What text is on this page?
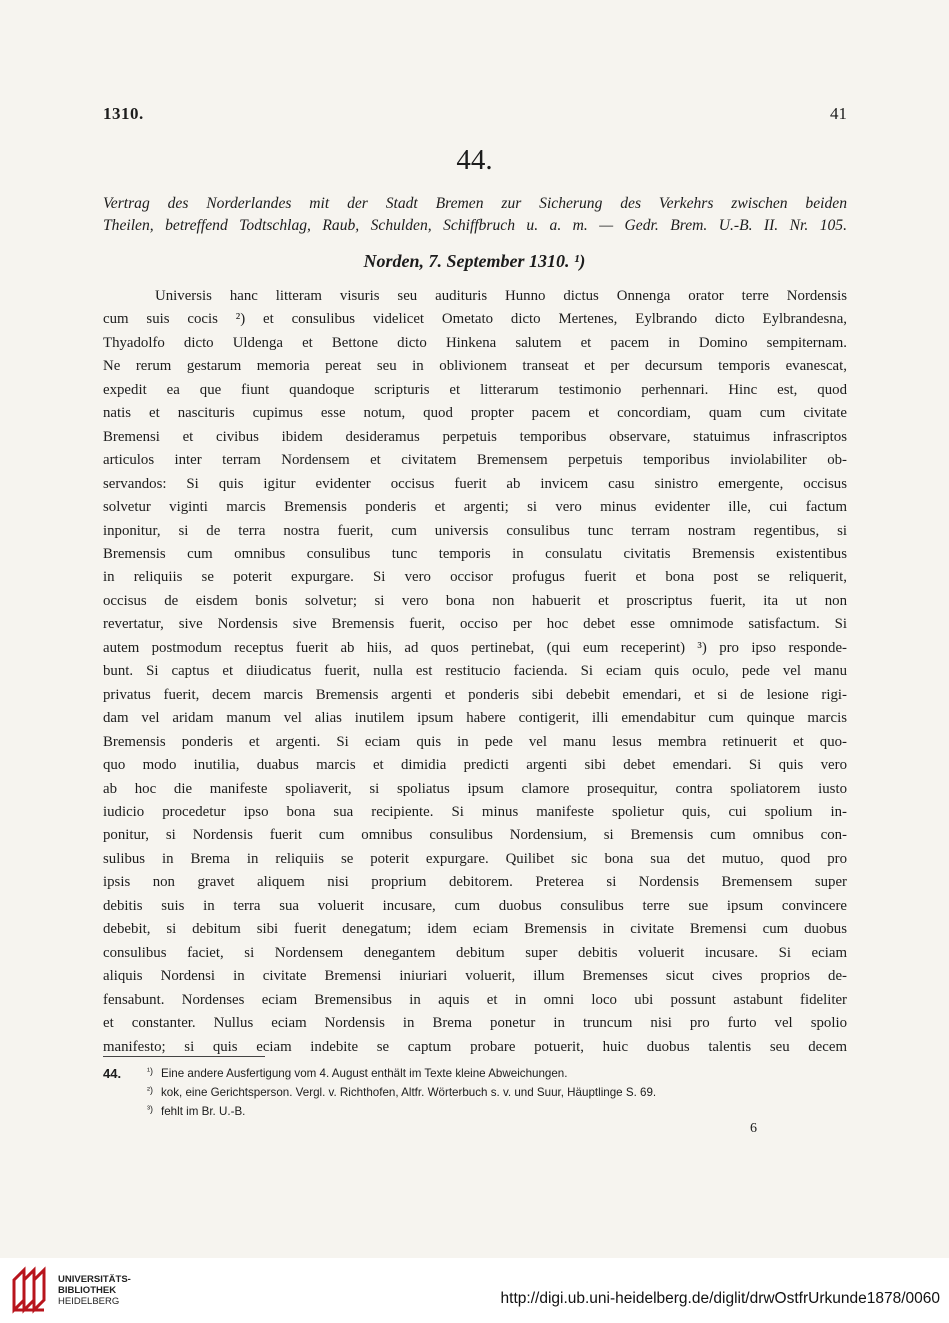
1310.	41
44.
Vertrag des Norderlandes mit der Stadt Bremen zur Sicherung des Verkehrs zwischen beiden
Theilen, betreffend Todtschlag, Raub, Schulden, Schiffbruch u. a. m. — Gedr. Brem. U.-B. II. Nr. 105.
Norden, 7. September 1310. ¹)
Universis hanc litteram visuris seu audituris Hunno dictus Onnenga orator terre Nordensis
cum suis cocis ²) et consulibus videlicet Ometato dicto Mertenes, Eylbrando dicto Eylbrandesna,
Thyadolfo dicto Uldenga et Bettone dicto Hinkena salutem et pacem in Domino sempiternam.
Ne rerum gestarum memoria pereat seu in oblivionem transeat et per decursum temporis evanescat,
expedit ea que fiunt quandoque scripturis et litterarum testimonio perhennari. Hinc est, quod
natis et nascituris cupimus esse notum, quod propter pacem et concordiam, quam cum civitate
Bremensi et civibus ibidem desideramus perpetuis temporibus observare, statuimus infrascriptos
articulos inter terram Nordensem et civitatem Bremensem perpetuis temporibus inviolabiliter ob-
servandos: Si quis igitur evidenter occisus fuerit ab invicem casu sinistro emergente, occisus
solvetur viginti marcis Bremensis ponderis et argenti; si vero minus evidenter ille, cui factum
inponitur, si de terra nostra fuerit, cum universis consulibus tunc terram nostram regentibus, si
Bremensis cum omnibus consulibus tunc temporis in consulatu civitatis Bremensis existentibus
in reliquiis se poterit expurgare. Si vero occisor profugus fuerit et bona post se reliquerit,
occisus de eisdem bonis solvetur; si vero bona non habuerit et proscriptus fuerit, ita ut non
revertatur, sive Nordensis sive Bremensis fuerit, occiso per hoc debet esse omnimode satisfactum. Si
autem postmodum receptus fuerit ab hiis, ad quos pertinebat, (qui eum receperint) ³) pro ipso responde-
bunt. Si captus et diiudicatus fuerit, nulla est restitucio facienda. Si eciam quis oculo, pede vel manu
privatus fuerit, decem marcis Bremensis argenti et ponderis sibi debebit emendari, et si de lesione rigi-
dam vel aridam manum vel alias inutilem ipsum habere contigerit, illi emendabitur cum quinque marcis
Bremensis ponderis et argenti. Si eciam quis in pede vel manu lesus membra retinuerit et quo-
quo modo inutilia, duabus marcis et dimidia predicti argenti sibi debet emendari. Si quis vero
ab hoc die manifeste spoliaverit, si spoliatus ipsum clamore prosequitur, contra spoliatorem iusto
iudicio procedetur ipso bona sua recipiente. Si minus manifeste spolietur quis, cui spolium in-
ponitur, si Nordensis fuerit cum omnibus consulibus Nordensium, si Bremensis cum omnibus con-
sulibus in Brema in reliquiis se poterit expurgare. Quilibet sic bona sua det mutuo, quod pro
ipsis non gravet aliquem nisi proprium debitorem. Preterea si Nordensis Bremensem super
debitis suis in terra sua voluerit incusare, cum duobus consulibus terre sue ipsum convincere
debebit, si debitum sibi fuerit denegatum; idem eciam Bremensis in civitate Bremensi cum duobus
consulibus faciet, si Nordensem denegantem debitum super debitis voluerit incusare. Si eciam
aliquis Nordensi in civitate Bremensi iniuriari voluerit, illum Bremenses sicut cives proprios de-
fensabunt. Nordenses eciam Bremensibus in aquis et in omni loco ubi possunt astabunt fideliter
et constanter. Nullus eciam Nordensis in Brema ponetur in truncum nisi pro furto vel spolio
manifesto; si quis eciam indebite se captum probare potuerit, huic duobus talentis seu decem
44.	¹) Eine andere Ausfertigung vom 4. August enthält im Texte kleine Abweichungen.
²) kok, eine Gerichtsperson. Vergl. v. Richthofen, Altfr. Wörterbuch s. v. und Suur, Häuptlinge S. 69.
³) fehlt im Br. U.-B.
6
UNIVERSITÄTS-
BIBLIOTHEK
HEIDELBERG	http://digi.ub.uni-heidelberg.de/diglit/drwOstfrUrkunde1878/0060
